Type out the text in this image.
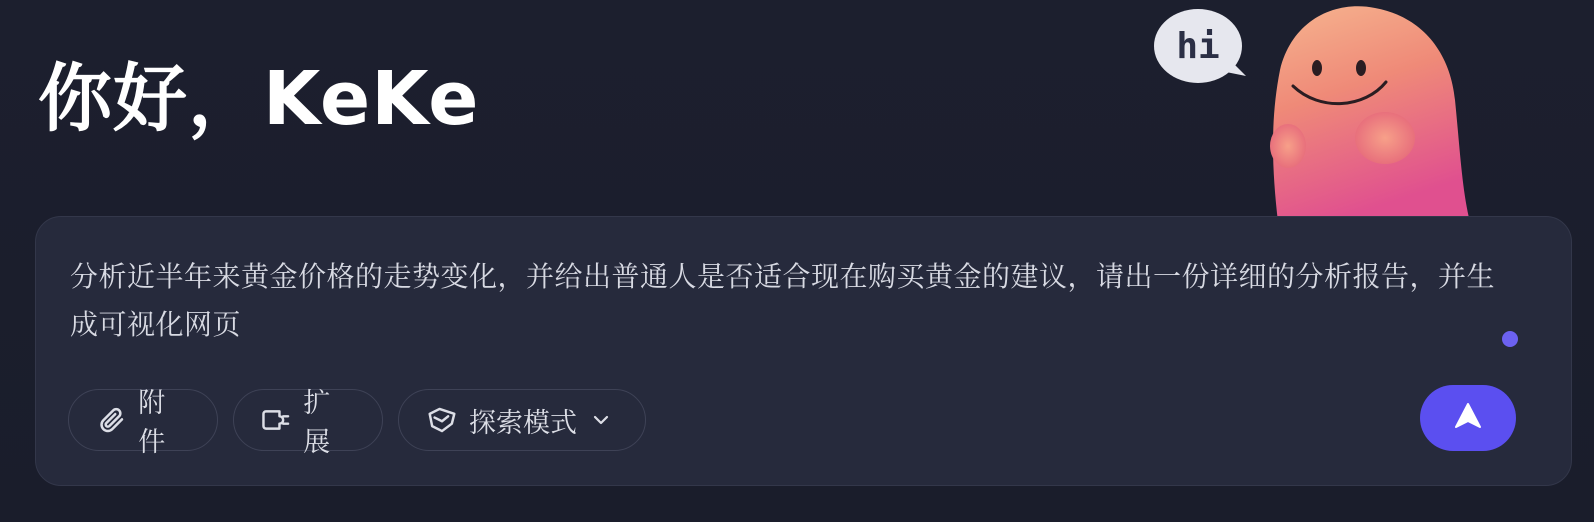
你好，KeKe
hi
分析近半年来黄金价格的走势变化，并给出普通人是否适合现在购买黄金的建议，请出一份详细的分析报告，并生成可视化网页
附件
扩展
探索模式
